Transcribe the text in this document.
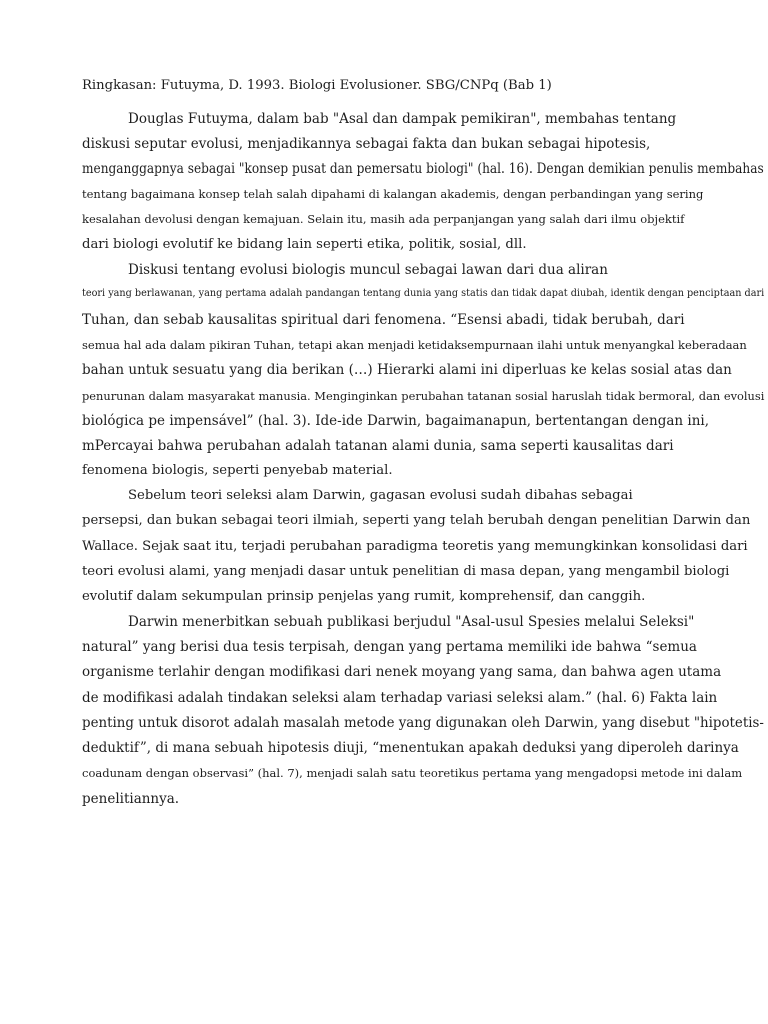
Ringkasan: Futuyma, D. 1993. Biologi Evolusioner. SBG/CNPq (Bab 1)

Douglas Futuyma, dalam bab "Asal dan dampak pemikiran", membahas tentang

diskusi seputar evolusi, menjadikannya sebagai fakta dan bukan sebagai hipotesis,

menganggapnya sebagai "konsep pusat dan pemersatu biologi" (hal. 16). Dengan demikian penulis membahas

tentang bagaimana konsep telah salah dipahami di kalangan akademis, dengan perbandingan yang sering

kesalahan devolusi dengan kemajuan. Selain itu, masih ada perpanjangan yang salah dari ilmu objektif

dari biologi evolutif ke bidang lain seperti etika, politik, sosial, dll.

Diskusi tentang evolusi biologis muncul sebagai lawan dari dua aliran

teori yang berlawanan, yang pertama adalah pandangan tentang dunia yang statis dan tidak dapat diubah, identik dengan penciptaan dari

Tuhan, dan sebab kausalitas spiritual dari fenomena. “Esensi abadi, tidak berubah, dari

semua hal ada dalam pikiran Tuhan, tetapi akan menjadi ketidaksempurnaan ilahi untuk menyangkal keberadaan

bahan untuk sesuatu yang dia berikan (…) Hierarki alami ini diperluas ke kelas sosial atas dan

penurunan dalam masyarakat manusia. Menginginkan perubahan tatanan sosial haruslah tidak bermoral, dan evolusi

biológica pe impensável” (hal. 3). Ide-ide Darwin, bagaimanapun, bertentangan dengan ini,

mPercayai bahwa perubahan adalah tatanan alami dunia, sama seperti kausalitas dari

fenomena biologis, seperti penyebab material.

Sebelum teori seleksi alam Darwin, gagasan evolusi sudah dibahas sebagai

persepsi, dan bukan sebagai teori ilmiah, seperti yang telah berubah dengan penelitian Darwin dan

Wallace. Sejak saat itu, terjadi perubahan paradigma teoretis yang memungkinkan konsolidasi dari

teori evolusi alami, yang menjadi dasar untuk penelitian di masa depan, yang mengambil biologi

evolutif dalam sekumpulan prinsip penjelas yang rumit, komprehensif, dan canggih.

Darwin menerbitkan sebuah publikasi berjudul "Asal-usul Spesies melalui Seleksi"

natural” yang berisi dua tesis terpisah, dengan yang pertama memiliki ide bahwa “semua

organisme terlahir dengan modifikasi dari nenek moyang yang sama, dan bahwa agen utama

de modifikasi adalah tindakan seleksi alam terhadap variasi seleksi alam.” (hal. 6) Fakta lain

penting untuk disorot adalah masalah metode yang digunakan oleh Darwin, yang disebut "hipotetis-

deduktif”, di mana sebuah hipotesis diuji, “menentukan apakah deduksi yang diperoleh darinya

coadunam dengan observasi” (hal. 7), menjadi salah satu teoretikus pertama yang mengadopsi metode ini dalam

penelitiannya.
